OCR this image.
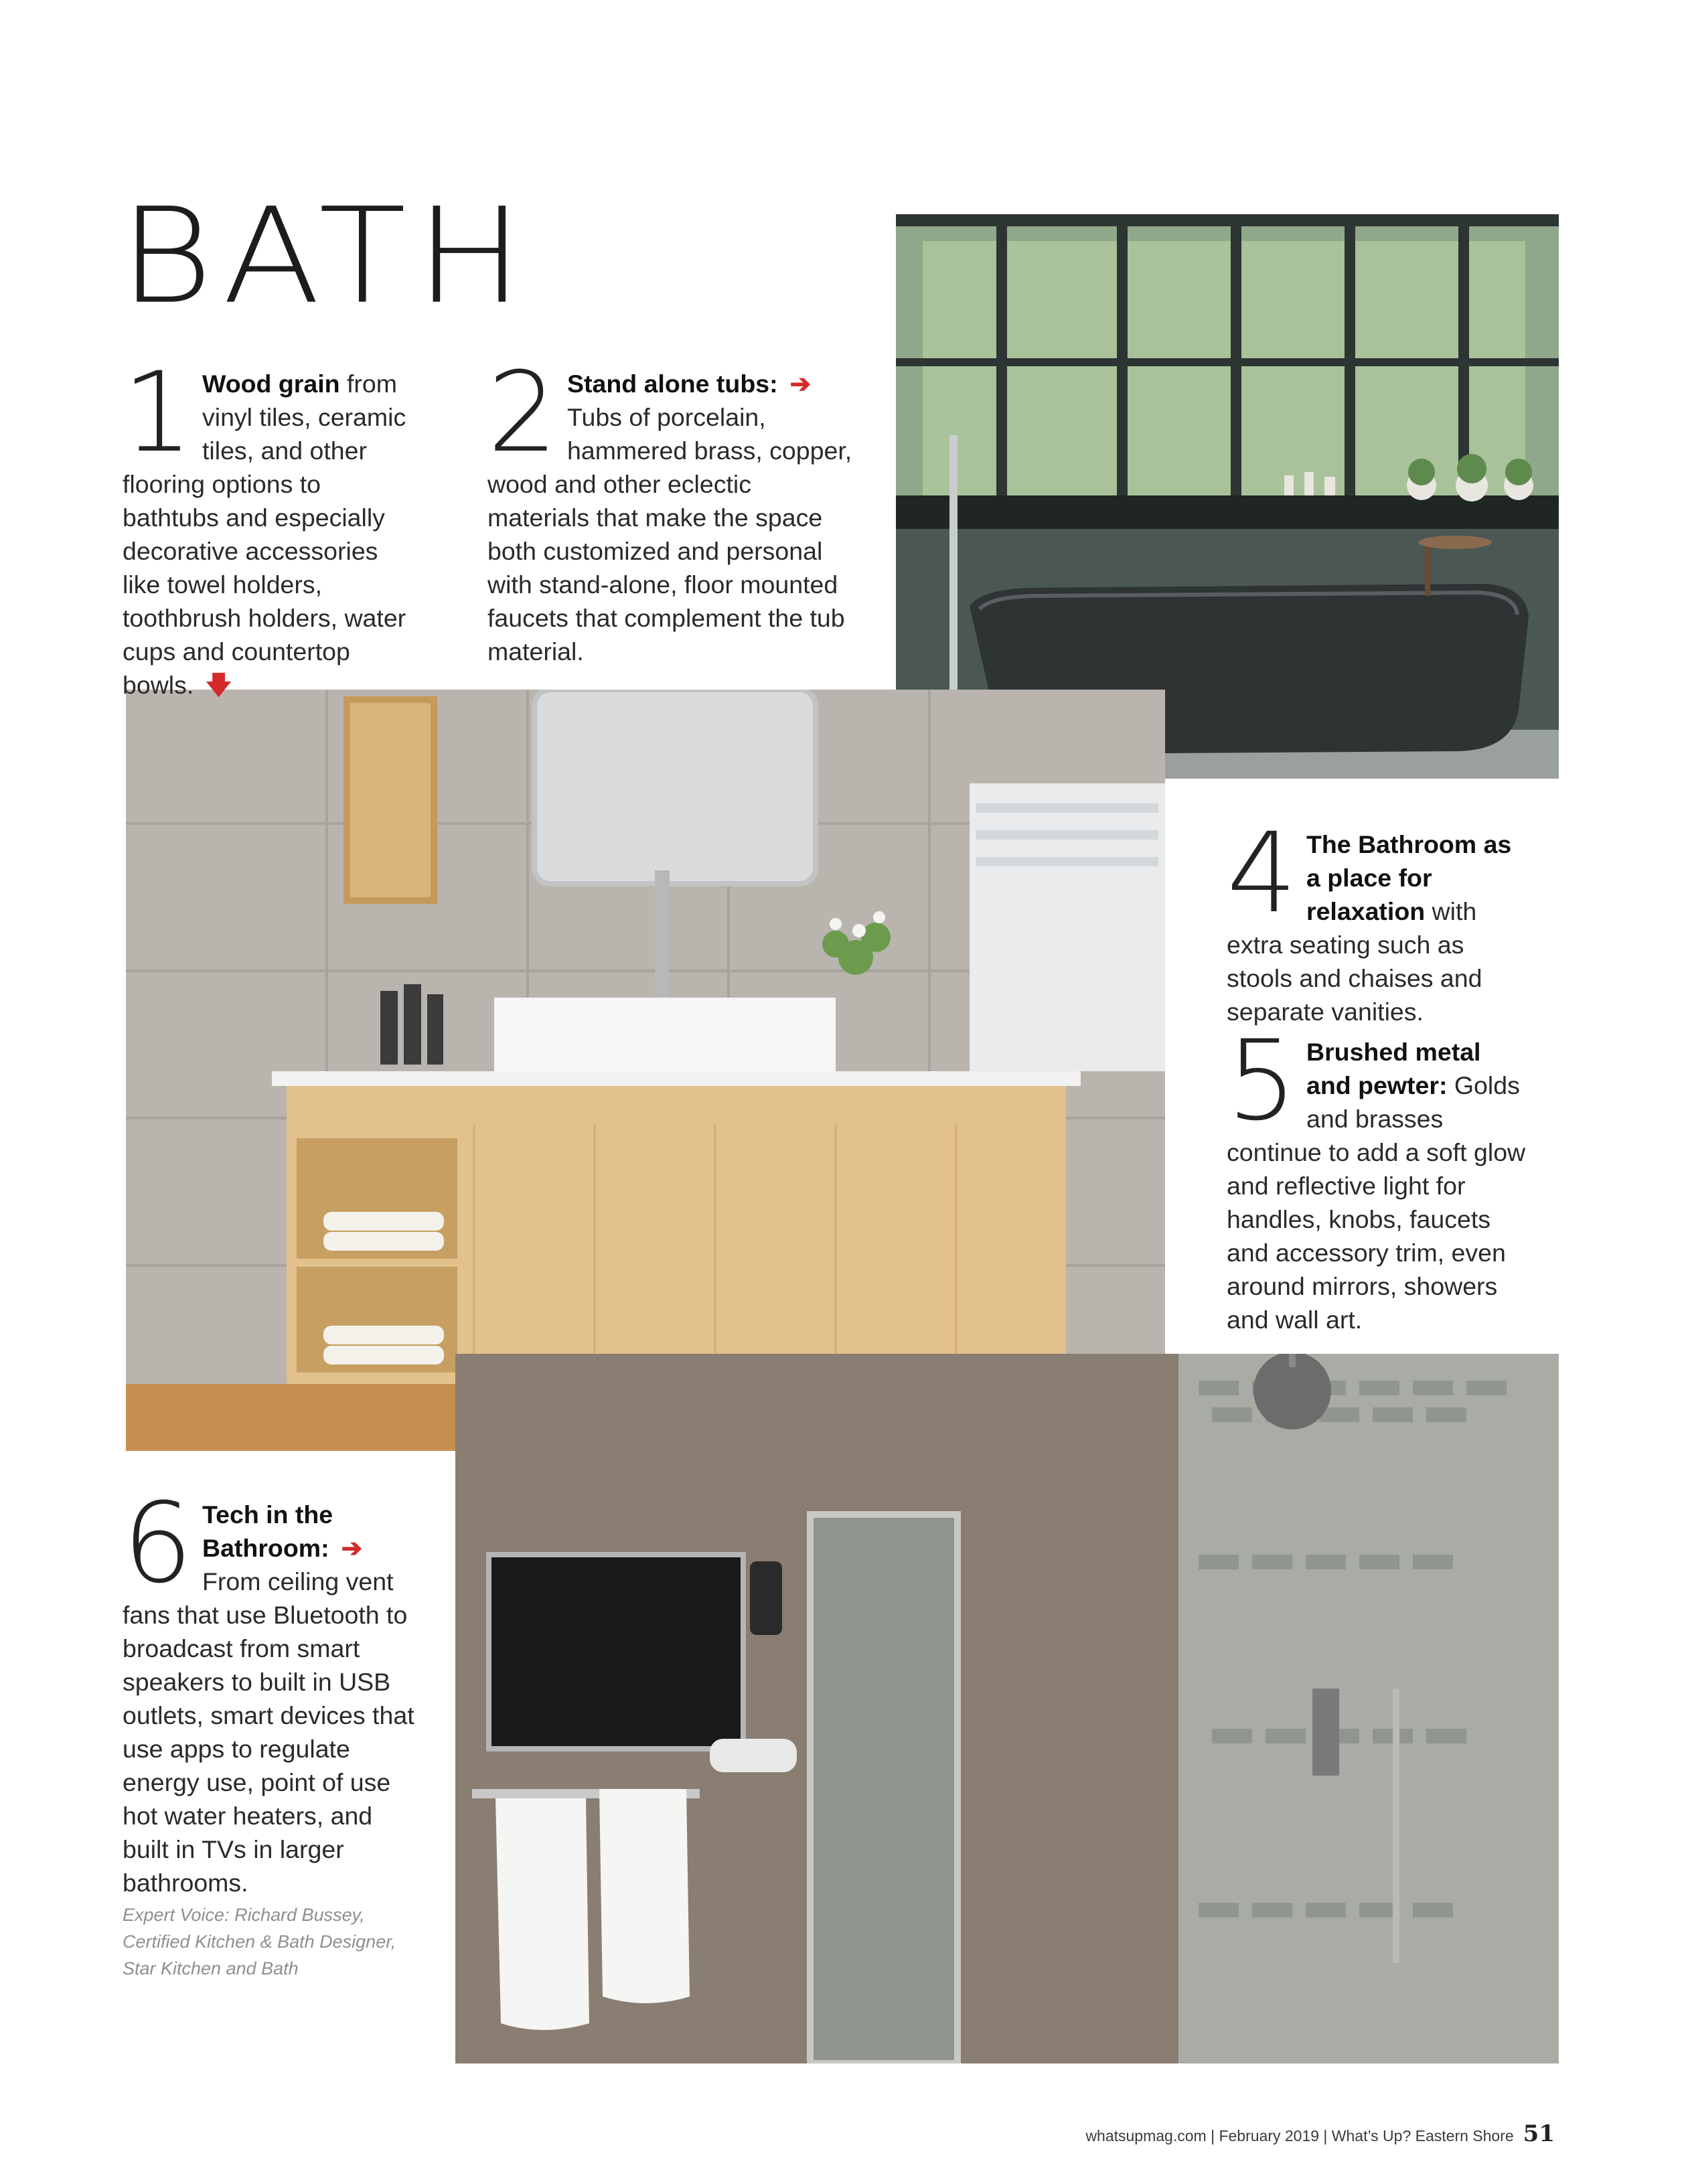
BATH
1 Wood grain from vinyl tiles, ceramic tiles, and other flooring options to bathtubs and especially decorative accessories like towel holders, toothbrush holders, water cups and countertop bowls. 🡇
2 Stand alone tubs: ➔ Tubs of porcelain, hammered brass, copper, wood and other eclectic materials that make the space both customized and personal with stand-alone, floor mounted faucets that complement the tub material.
4 The Bathroom as a place for relaxation with extra seating such as stools and chaises and separate vanities.
5 Brushed metal and pewter: Golds and brasses continue to add a soft glow and reflective light for handles, knobs, faucets and accessory trim, even around mirrors, showers and wall art.
6 Tech in the Bathroom: ➔ From ceiling vent fans that use Bluetooth to broadcast from smart speakers to built in USB outlets, smart devices that use apps to regulate energy use, point of use hot water heaters, and built in TVs in larger bathrooms.
Expert Voice: Richard Bussey, Certified Kitchen & Bath Designer, Star Kitchen and Bath
whatsupmag.com | February 2019 | What’s Up? Eastern Shore 51
